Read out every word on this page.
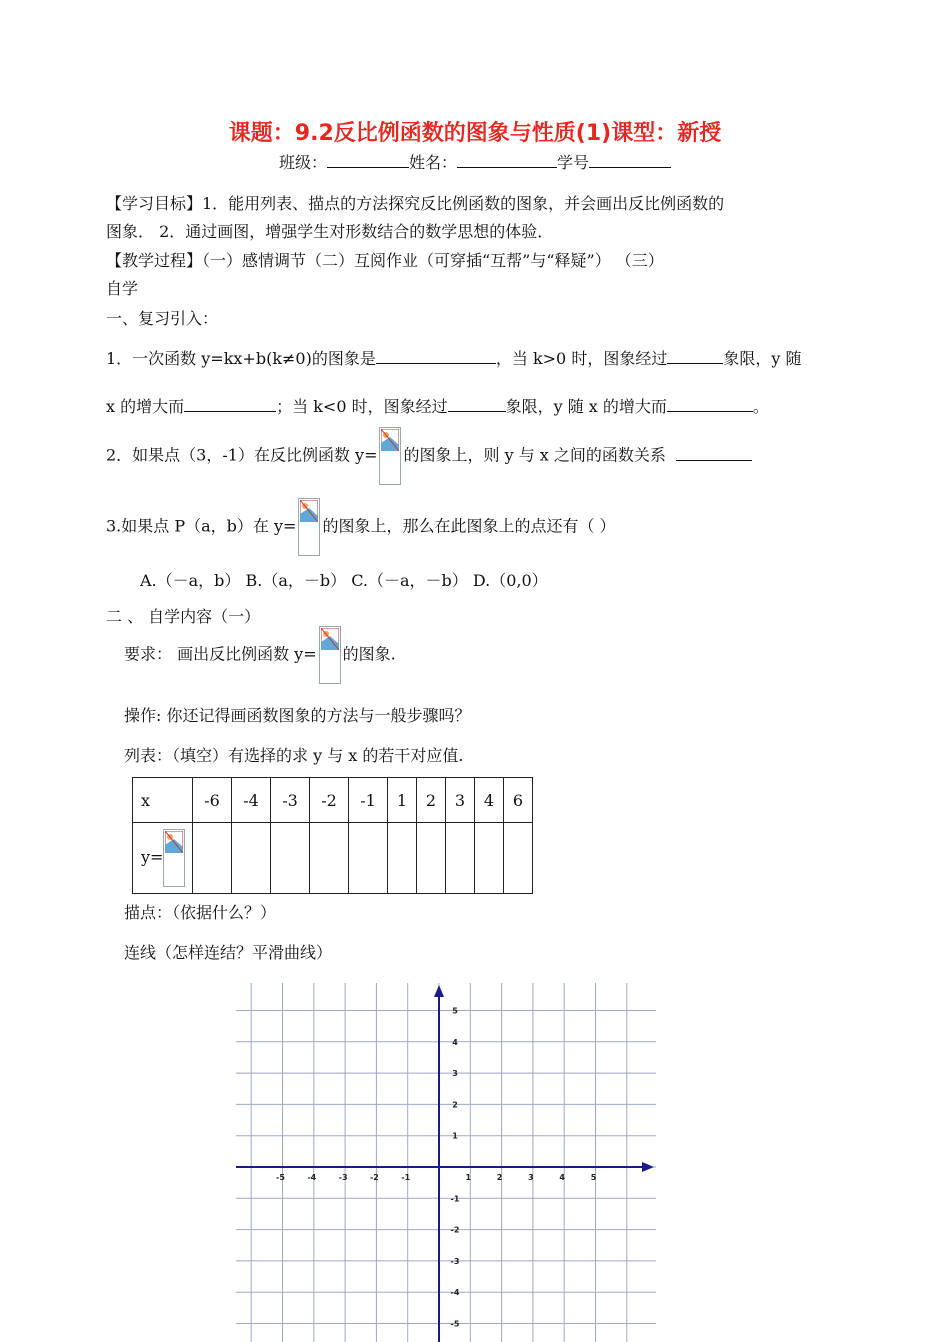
课题：9.2反比例函数的图象与性质(1)课型：新授
班级：	姓名：	学号
【学习目标】1．能用列表、描点的方法探究反比例函数的图象，并会画出反比例函数的
图象． 2．通过画图，增强学生对形数结合的数学思想的体验．
【教学过程】（一）感情调节（二）互阅作业（可穿插“互帮”与“释疑”） （三）
自学
一、复习引入：
1．一次函数 y=kx+b(k≠0)的图象是	，当 k>0 时，图象经过	象限，y 随
x 的增大而	；当 k<0 时，图象经过	象限，y 随 x 的增大而	。
2．如果点（3，-1）在反比例函数 y= 的图象上，则 y 与 x 之间的函数关系
3.如果点 P（a，b）在 y= 的图象上，那么在此图象上的点还有（ ）
A.（－a，b） B.（a，－b） C.（－a，－b） D.（0,0）
二 、 自学内容（一）
要求： 画出反比例函数 y= 的图象.
操作: 你还记得画函数图象的方法与一般步骤吗？
列表：（填空）有选择的求 y 与 x 的若干对应值.
x	-6	-4	-3	-2	-1	1	2	3	4	6
y=

描点：（依据什么？）
连线（怎样连结？平滑曲线）
-5	-4	-3	-2	-1	1	2	3	4	5
5
4
3
2
1
-1
-2
-3
-4
-5
